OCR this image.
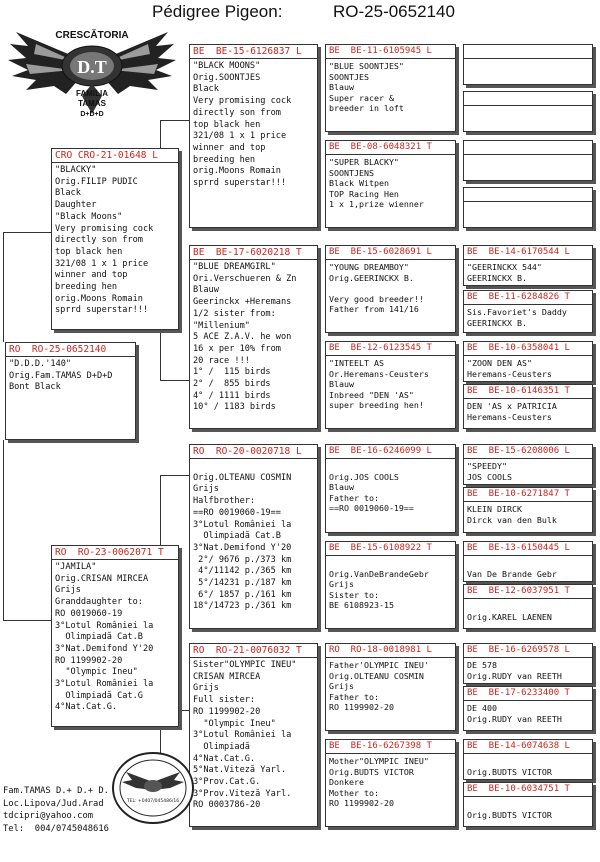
Pédigree Pigeon:	RO-25-0652140
CRESCĂTORIA
D.T
FAMILIA
TAMAS
D+D+D
RO  RO-25-0652140
"D.D.D.'140"
Orig.Fam.TAMAS D+D+D
Bont Black
CRO CRO-21-01648 L
"BLACKY"
Orig.FILIP PUDIC
Black
Daughter
"Black Moons"
Very promising cock
directly son from
top black hen
321/08 1 x 1 price
winner and top
breeding hen
orig.Moons Romain
sprrd superstar!!!
RO  RO-23-0062071 T
"JAMILA"
Orig.CRISAN MIRCEA
Grijs
Granddaughter to:
RO 0019060-19
3°Lotul României la
Olimpiadă Cat.B
3°Nat.Demifond Y'20
RO 1199902-20
"Olympic Ineu"
3°Lotul României la
Olimpiadă Cat.G
4°Nat.Cat.G.
BE  BE-15-6126837 L
"BLACK MOONS"
Orig.SOONTJES
Black
Very promising cock
directly son from
top black hen
321/08 1 x 1 price
winner and top
breeding hen
orig.Moons Romain
sprrd superstar!!!
BE  BE-17-6020218 T
"BLUE DREAMGIRL"
Ori.Verschueren & Zn
Blauw
Geerinckx +Heremans
1/2 sister from:
"Millenium"
5 ACE Z.A.V. he won
16 x per 10% from
20 race !!!
1° /  115 birds
2° /  855 birds
4° / 1111 birds
10° / 1183 birds
RO  RO-20-0020718 L

Orig.OLTEANU COSMIN
Grijs
Halfbrother:
==RO 0019060-19==
3°Lotul României la
Olimpiadă Cat.B
3°Nat.Demifond Y'20
2°/ 9676 p./373 km
4°/11142 p./365 km
5°/14231 p./187 km
6°/ 1857 p./161 km
18°/14723 p./361 km
RO  RO-21-0076032 T
Sister"OLYMPIC INEU"
CRISAN MIRCEA
Grijs
Full sister:
RO 1199902-20
"Olympic Ineu"
3°Lotul României la
Olimpiadă
4°Nat.Cat.G.
5°Nat.Viteză Yarl.
3°Prov.Cat.G.
3°Prov.Viteză Yarl.
RO 0003786-20
BE  BE-11-6105945 L
"BLUE SOONTJES"
SOONTJES
Blauw
Super racer &
breeder in loft
BE  BE-08-6048321 T
"SUPER BLACKY"
SOONTJENS
Black Witpen
TOP Racing Hen
1 x 1,prize wienner
BE  BE-15-6028691 L
"YOUNG DREAMBOY"
Orig.GEERINCKX B.

Very good breeder!!
Father from 141/16
BE  BE-12-6123545 T
"INTEELT AS
Or.Heremans-Ceusters
Blauw
Inbreed "DEN 'AS"
super breeding hen!
BE  BE-16-6246099 L

Orig.JOS COOLS
Blauw
Father to:
==RO 0019060-19==
BE  BE-15-6108922 T

Orig.VanDeBrandeGebr
Grijs
Sister to:
BE 6108923-15
RO  RO-18-0018981 L
Father'OLYMPIC INEU'
Orig.OLTEANU COSMIN
Grijs
Father to:
RO 1199902-20
BE  BE-16-6267398 T
Mother"OLYMPIC INEU"
Orig.BUDTS VICTOR
Donkere
Mother to:
RO 1199902-20
BE  BE-14-6170544 L
"GEERINCKX 544"
GEERINCKX B.
BE  BE-11-6284826 T
Sis.Favoriet's Daddy
GEERINCKX B.
BE  BE-10-6358041 L
"ZOON DEN AS"
Heremans-Ceusters
BE  BE-10-6146351 T
DEN 'AS x PATRICIA
Heremans-Ceusters
BE  BE-15-6208006 L
"SPEEDY"
JOS COOLS
BE  BE-10-6271847 T
KLEIN DIRCK
Dirck van den Bulk
BE  BE-13-6150445 L

Van De Brande Gebr
BE  BE-12-6037951 T

Orig.KAREL LAENEN
BE  BE-16-6269578 L
DE 578
Orig.RUDY van REETH
BE  BE-17-6233400 T
DE 400
Orig.RUDY van REETH
BE  BE-14-6074638 L

Orig.BUDTS VICTOR
BE  BE-10-6034751 T

Orig.BUDTS VICTOR
TEL: +0407/045486/16
Fam.TAMAS D.+ D.+ D.
Loc.Lipova/Jud.Arad
tdcipri@yahoo.com
Tel:  004/0745048616
